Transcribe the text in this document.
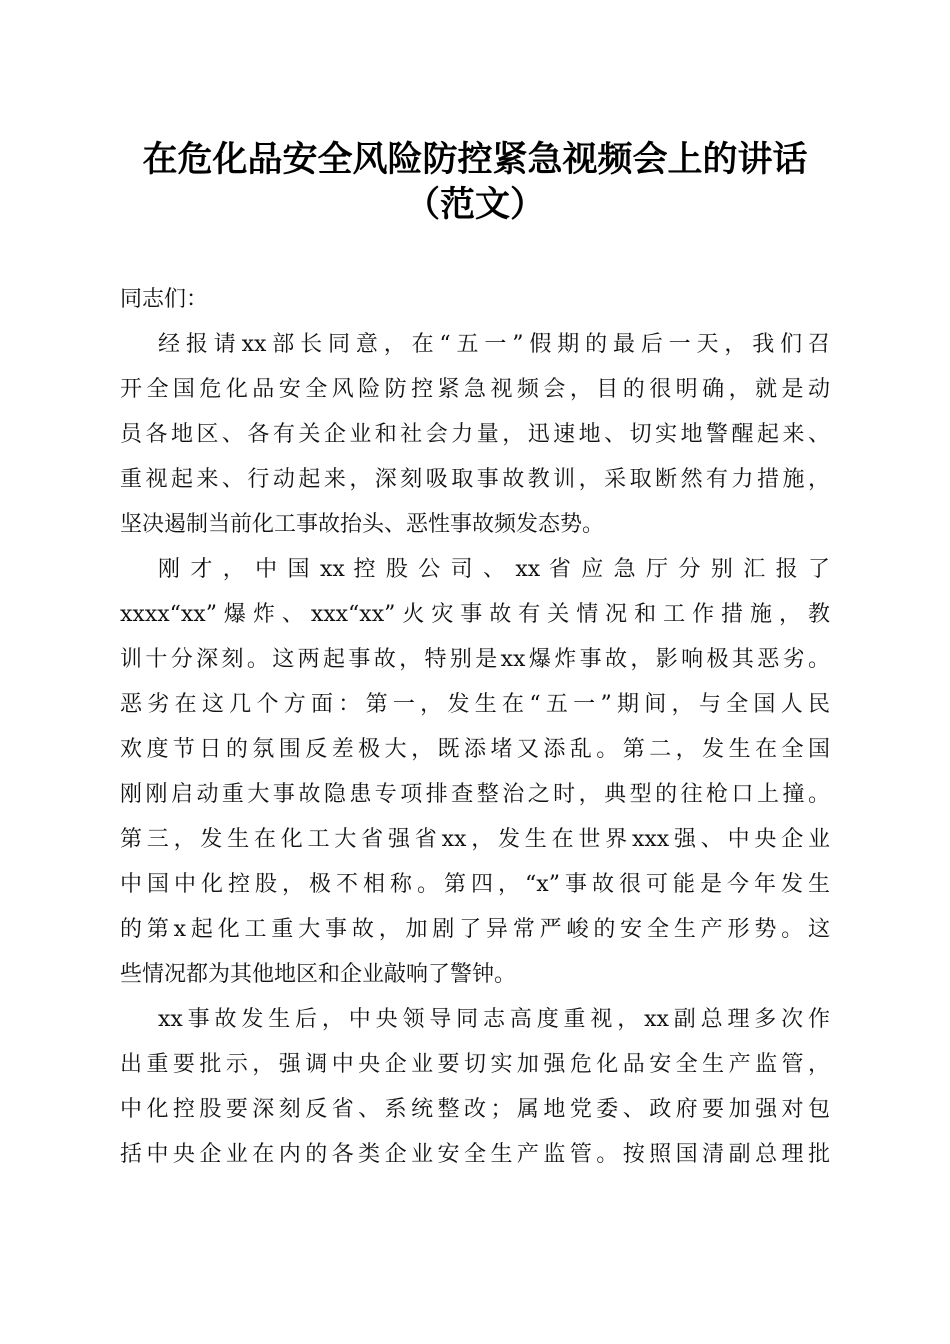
在危化品安全风险防控紧急视频会上的讲话
（范文）
同志们：
经报请xx部长同意，在“五一”假期的最后一天，我们召
开全国危化品安全风险防控紧急视频会，目的很明确，就是动
员各地区、各有关企业和社会力量，迅速地、切实地警醒起来、
重视起来、行动起来，深刻吸取事故教训，采取断然有力措施，
坚决遏制当前化工事故抬头、恶性事故频发态势。
刚 才 ， 中 国 xx 控 股 公 司 、 xx 省 应 急 厅 分 别 汇 报 了
xxxx“xx”爆炸、xxx“xx”火灾事故有关情况和工作措施，教
训十分深刻。这两起事故，特别是xx爆炸事故，影响极其恶劣。
恶劣在这几个方面：第一，发生在“五一”期间，与全国人民
欢度节日的氛围反差极大，既添堵又添乱。第二，发生在全国
刚刚启动重大事故隐患专项排查整治之时，典型的往枪口上撞。
第三，发生在化工大省强省xx，发生在世界xxx强、中央企业
中国中化控股，极不相称。第四，“x”事故很可能是今年发生
的第x起化工重大事故，加剧了异常严峻的安全生产形势。这
些情况都为其他地区和企业敲响了警钟。
xx事故发生后，中央领导同志高度重视，xx副总理多次作
出重要批示，强调中央企业要切实加强危化品安全生产监管，
中化控股要深刻反省、系统整改；属地党委、政府要加强对包
括中央企业在内的各类企业安全生产监管。按照国清副总理批
